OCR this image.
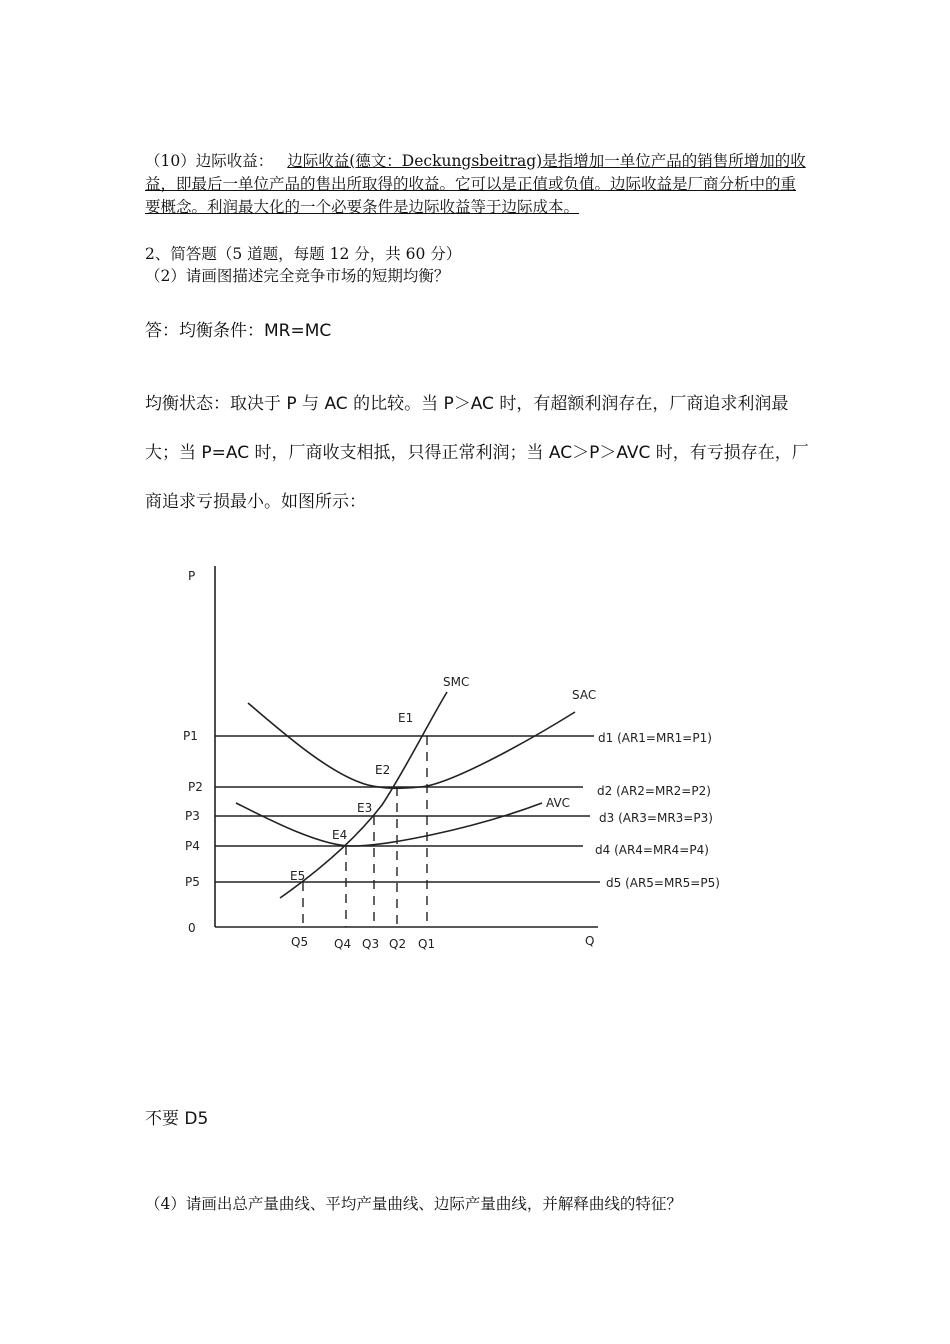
（10）边际收益： 边际收益(德文：Deckungsbeitrag)是指增加一单位产品的销售所增加的收益，即最后一单位产品的售出所取得的收益。它可以是正值或负值。边际收益是厂商分析中的重要概念。利润最大化的一个必要条件是边际收益等于边际成本。
2、简答题（5 道题，每题 12 分，共 60 分）
（2）请画图描述完全竞争市场的短期均衡？
答：均衡条件：MR=MC
均衡状态：取决于 P 与 AC 的比较。当 P＞AC 时，有超额利润存在，厂商追求利润最大；当 P=AC 时，厂商收支相抵，只得正常利润；当 AC＞P＞AVC 时，有亏损存在，厂商追求亏损最小。如图所示：
P
Q
0
P1
P2
P3
P4
P5
Q5 Q4 Q3 Q2 Q1
SMC
SAC
AVC
E1
E2
E3
E4
E5
d1 (AR1=MR1=P1)
d2 (AR2=MR2=P2)
d3 (AR3=MR3=P3)
d4 (AR4=MR4=P4)
d5 (AR5=MR5=P5)
不要 D5
（4）请画出总产量曲线、平均产量曲线、边际产量曲线，并解释曲线的特征？
